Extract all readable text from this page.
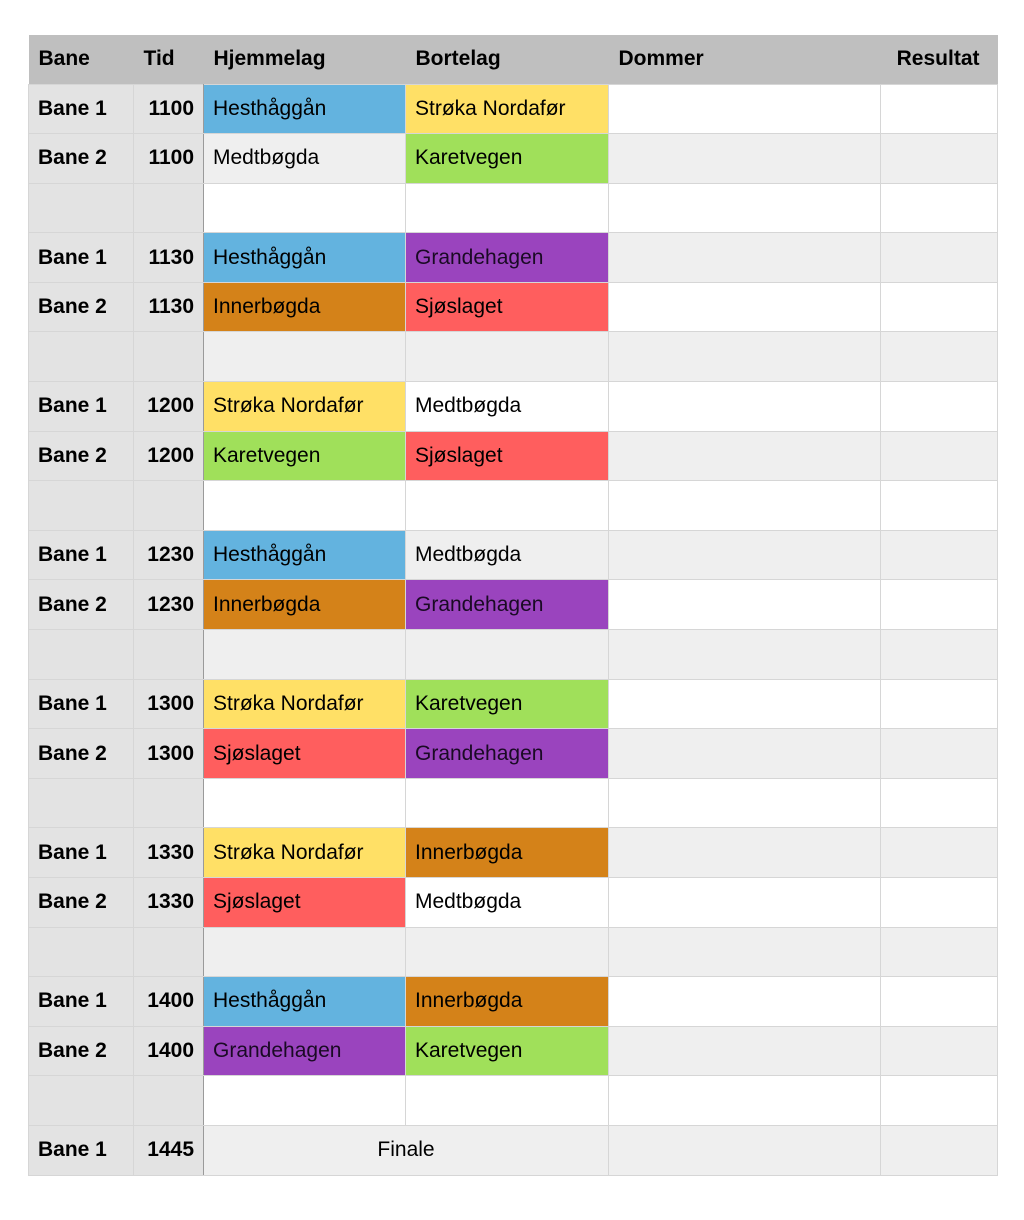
Bane	Tid	Hjemmelag	Bortelag	Dommer	Resultat
Bane 1	1100	Hesthåggån	Strøka Nordafør		
Bane 2	1100	Medtbøgda	Karetvegen		

Bane 1	1130	Hesthåggån	Grandehagen		
Bane 2	1130	Innerbøgda	Sjøslaget		

Bane 1	1200	Strøka Nordafør	Medtbøgda		
Bane 2	1200	Karetvegen	Sjøslaget		

Bane 1	1230	Hesthåggån	Medtbøgda		
Bane 2	1230	Innerbøgda	Grandehagen		

Bane 1	1300	Strøka Nordafør	Karetvegen		
Bane 2	1300	Sjøslaget	Grandehagen		

Bane 1	1330	Strøka Nordafør	Innerbøgda		
Bane 2	1330	Sjøslaget	Medtbøgda		

Bane 1	1400	Hesthåggån	Innerbøgda		
Bane 2	1400	Grandehagen	Karetvegen		

Bane 1	1445	Finale			
